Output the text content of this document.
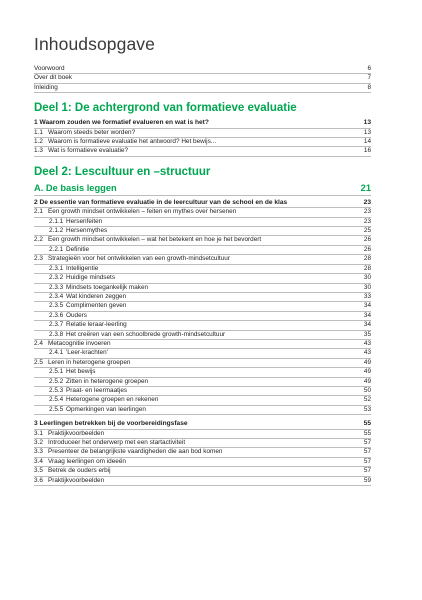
Inhoudsopgave
Voorwoord	6
Over dit boek	7
Inleiding	8
Deel 1: De achtergrond van formatieve evaluatie
1 Waarom zouden we formatief evalueren en wat is het?	13
1.1 Waarom steeds beter worden?	13
1.2 Waarom is formatieve evaluatie het antwoord? Het bewijs...	14
1.3 Wat is formatieve evaluatie?	16
Deel 2: Lescultuur en –structuur
A. De basis leggen	21
2 De essentie van formatieve evaluatie in de leercultuur van de school en de klas	23
2.1 Een growth mindset ontwikkelen – feiten en mythes over hersenen	23
2.1.1 Hersenfeiten	23
2.1.2 Hersenmythes	25
2.2 Een growth mindset ontwikkelen – wat het betekent en hoe je het bevordert	26
2.2.1 Definitie	26
2.3 Strategieën voor het ontwikkelen van een growth-mindsetcultuur	28
2.3.1 Intelligentie	28
2.3.2 Huidige mindsets	30
2.3.3 Mindsets toegankelijk maken	30
2.3.4 Wat kinderen zeggen	33
2.3.5 Complimenten geven	34
2.3.6 Ouders	34
2.3.7 Relatie leraar-leerling	34
2.3.8 Het creëren van een schoolbrede growth-mindsetcultuur	35
2.4 Metacognitie invoeren	43
2.4.1 'Leer-krachten'	43
2.5 Leren in heterogene groepen	49
2.5.1 Het bewijs	49
2.5.2 Zitten in heterogene groepen	49
2.5.3 Praat- en leermaatjes	50
2.5.4 Heterogene groepen en rekenen	52
2.5.5 Opmerkingen van leerlingen	53
3 Leerlingen betrekken bij de voorbereidingsfase	55
3.1 Praktijkvoorbeelden	55
3.2 Introduceer het onderwerp met een startactiviteit	57
3.3 Presenteer de belangrijkste vaardigheden die aan bod komen	57
3.4 Vraag leerlingen om ideeën	57
3.5 Betrek de ouders erbij	57
3.6 Praktijkvoorbeelden	59
